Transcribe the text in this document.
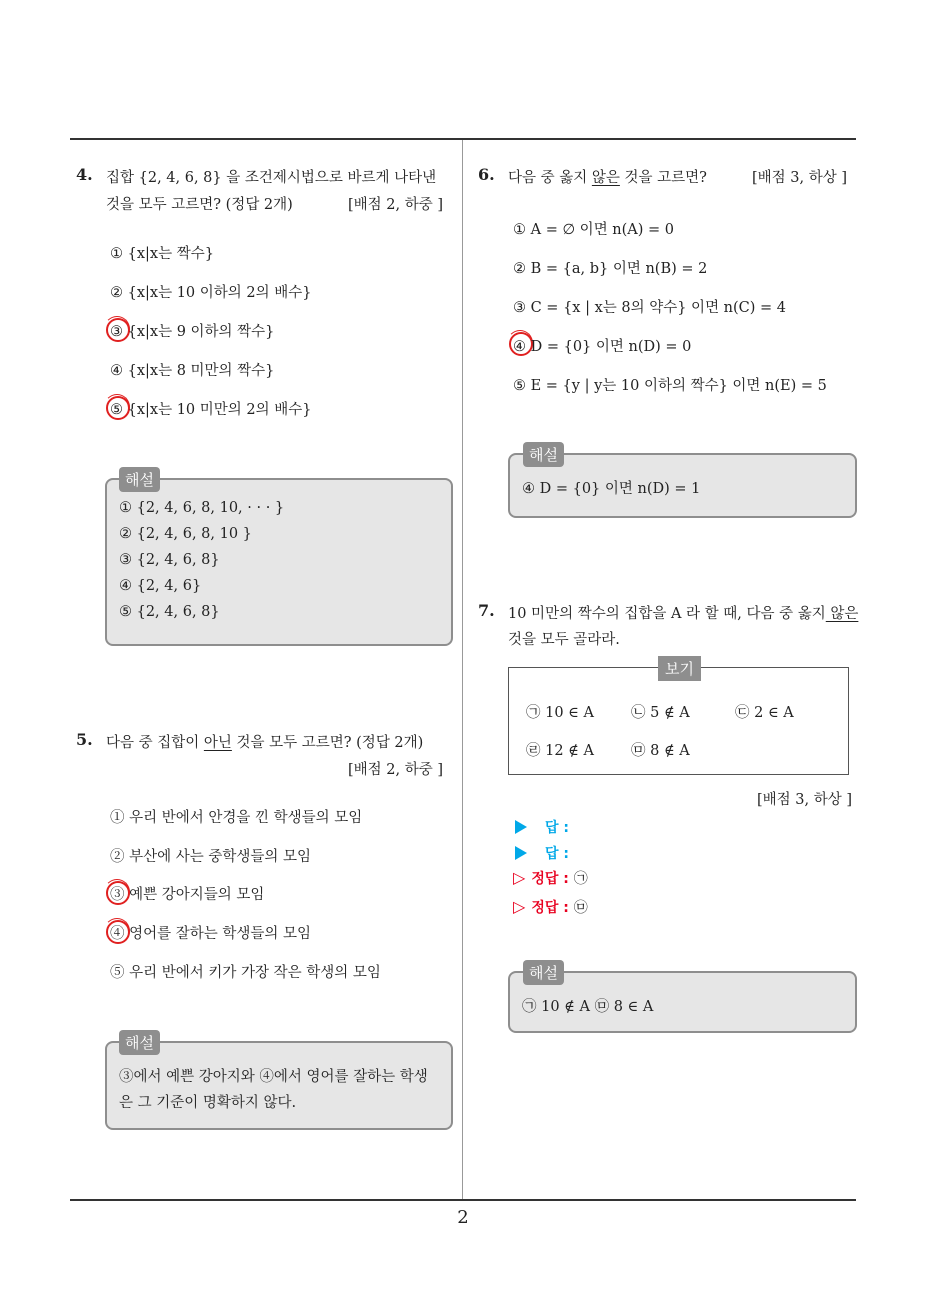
2
4. 집합 {2, 4, 6, 8} 을 조건제시법으로 바르게 나타낸
것을 모두 고르면? (정답 2개)	[배점 2, 하중 ]
① {x|x는 짝수}
② {x|x는 10 이하의 2의 배수}
③ {x|x는 9 이하의 짝수}
④ {x|x는 8 미만의 짝수}
⑤ {x|x는 10 미만의 2의 배수}
해설
① {2, 4, 6, 8, 10, · · · }
② {2, 4, 6, 8, 10 }
③ {2, 4, 6, 8}
④ {2, 4, 6}
⑤ {2, 4, 6, 8}
5. 다음 중 집합이 아닌 것을 모두 고르면? (정답 2개)
[배점 2, 하중 ]
① 우리 반에서 안경을 낀 학생들의 모임
② 부산에 사는 중학생들의 모임
③ 예쁜 강아지들의 모임
④ 영어를 잘하는 학생들의 모임
⑤ 우리 반에서 키가 가장 작은 학생의 모임
해설
③에서 예쁜 강아지와 ④에서 영어를 잘하는 학생
은 그 기준이 명확하지 않다.
6. 다음 중 옳지 않은 것을 고르면?	[배점 3, 하상 ]
① A = ∅ 이면 n(A) = 0
② B = {a, b} 이면 n(B) = 2
③ C = {x | x는 8의 약수} 이면 n(C) = 4
④ D = {0} 이면 n(D) = 0
⑤ E = {y | y는 10 이하의 짝수} 이면 n(E) = 5
해설
④ D = {0} 이면 n(D) = 1
7. 10 미만의 짝수의 집합을 A 라 할 때, 다음 중 옳지 않은
것을 모두 골라라.
보기
㉠ 10 ∈ A	㉡ 5 ∉ A	㉢ 2 ∈ A
㉣ 12 ∉ A	㉤ 8 ∉ A
[배점 3, 하상 ]
답 :
답 :
▷ 정답 : ㉠
▷ 정답 : ㉤
해설
㉠ 10 ∉ A ㉤ 8 ∈ A
